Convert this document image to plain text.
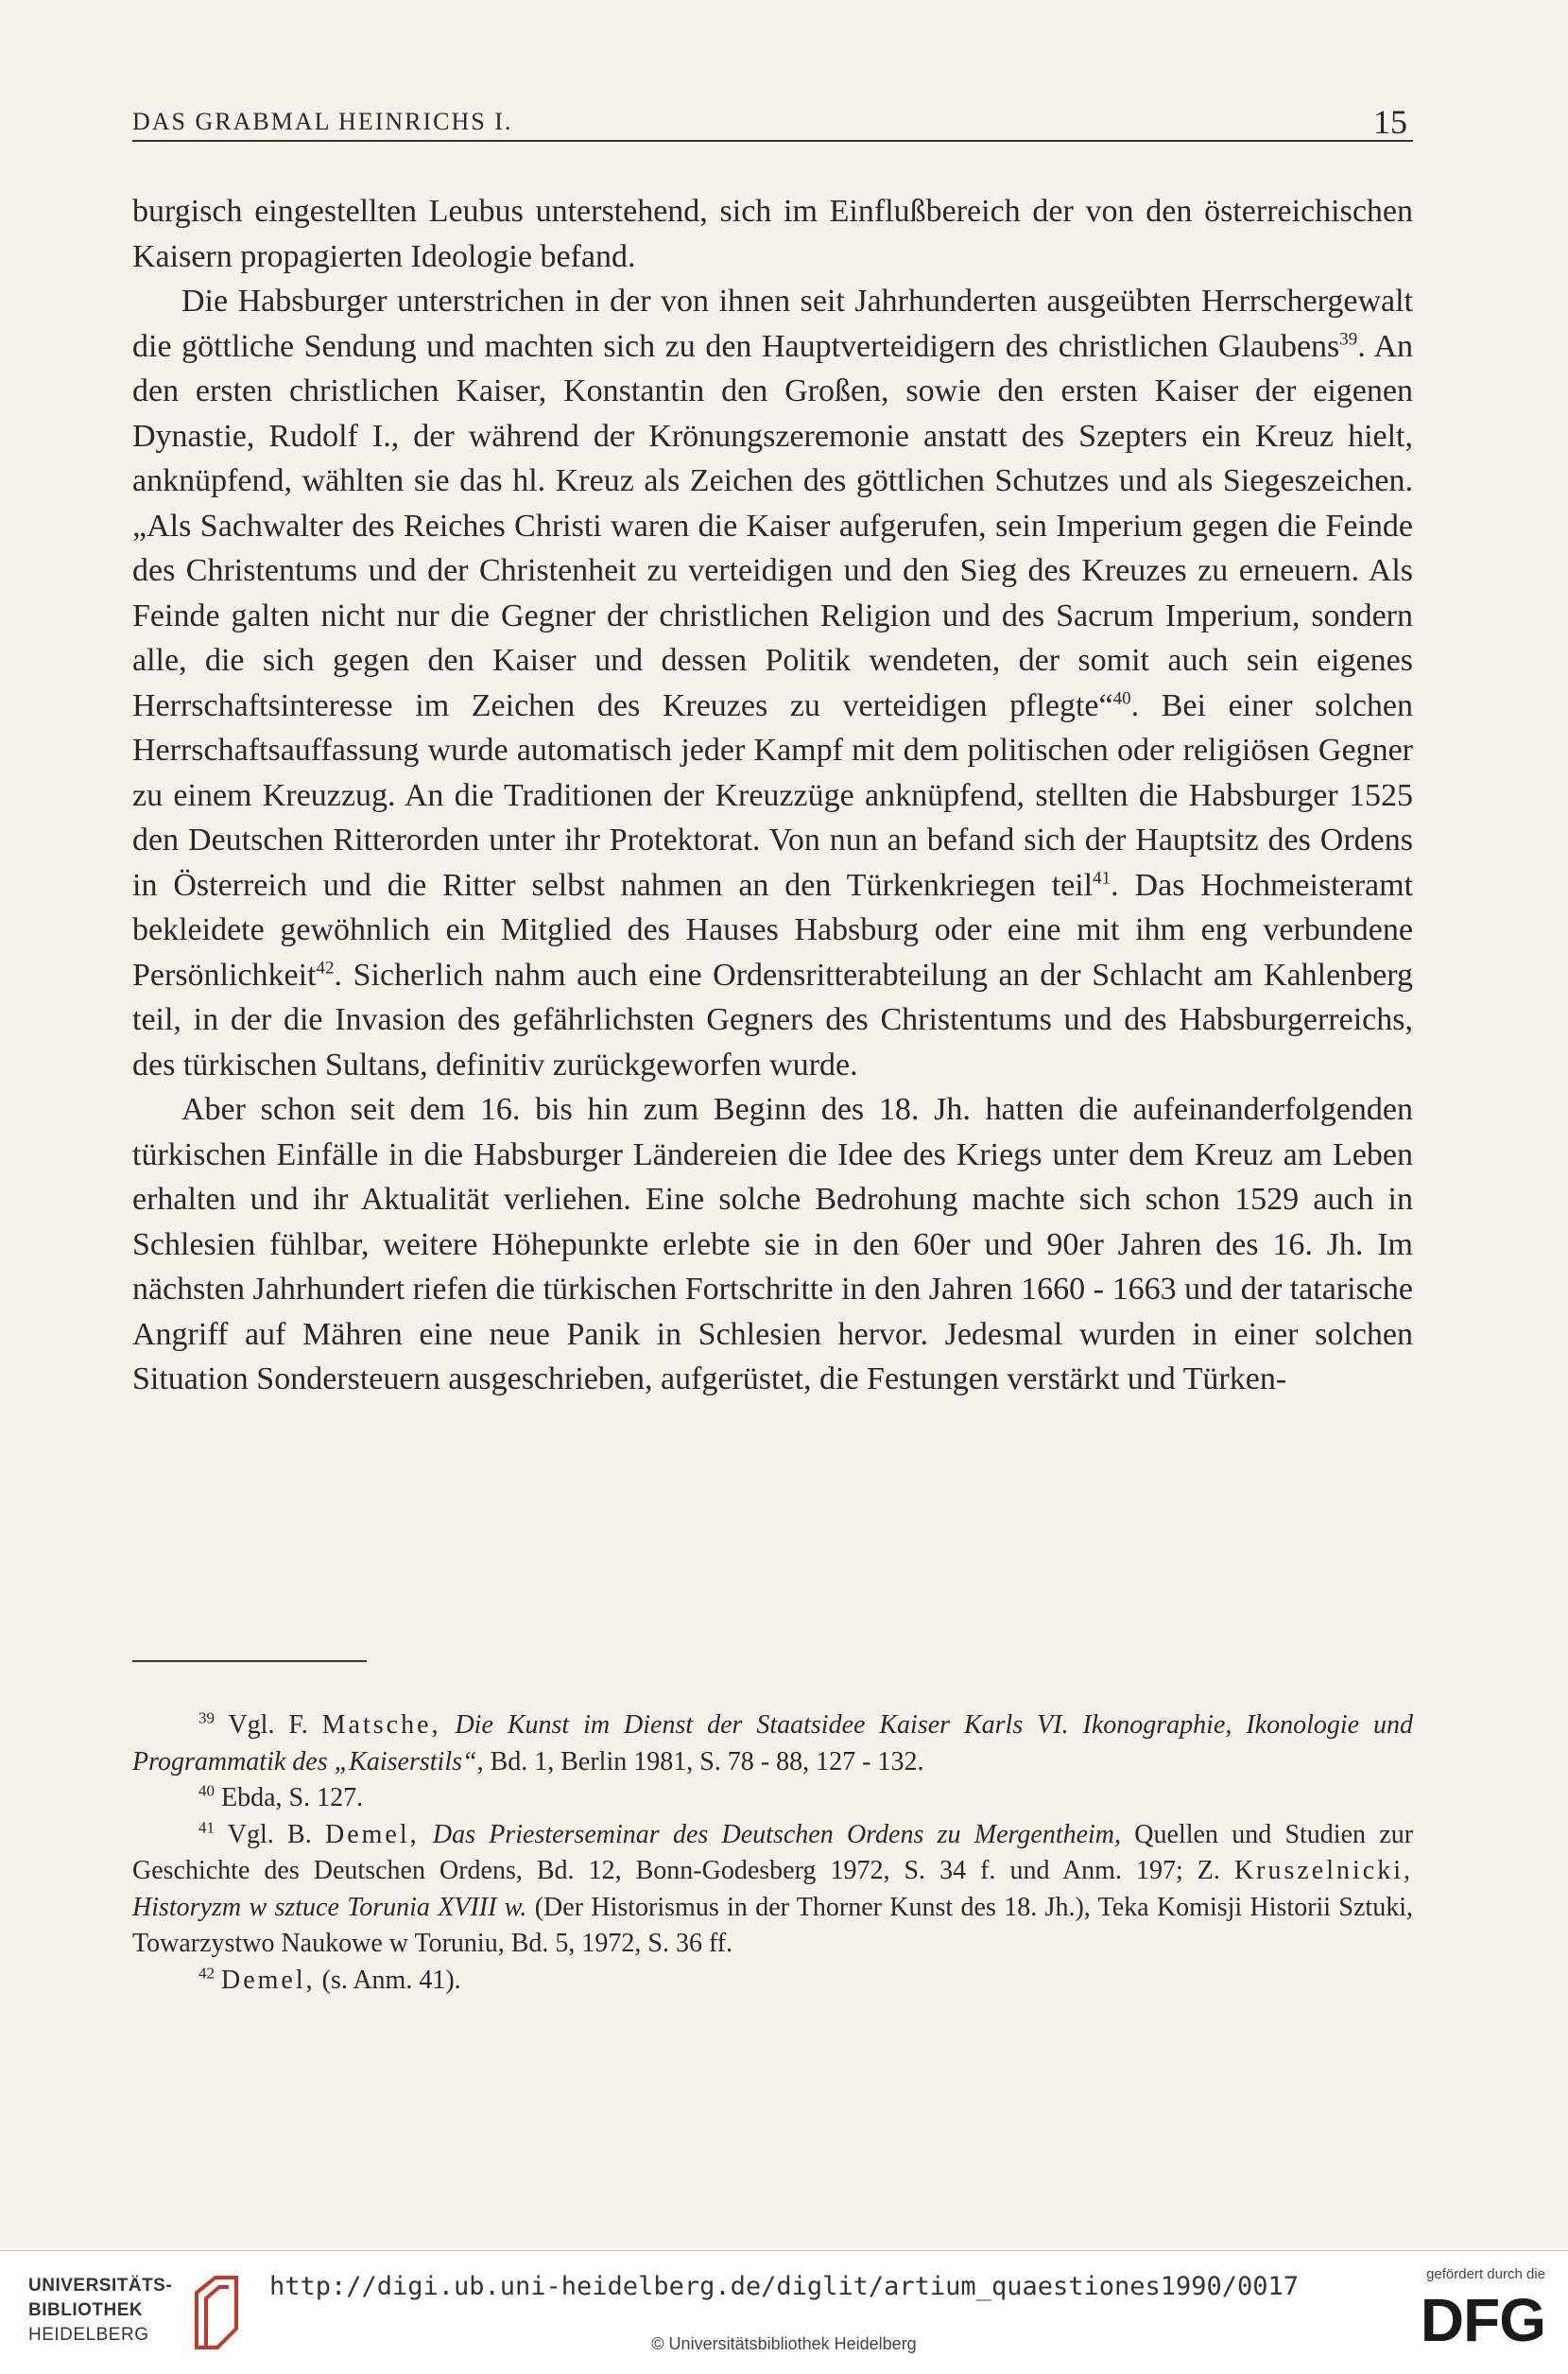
DAS GRABMAL HEINRICHS I.	15

burgisch eingestellten Leubus unterstehend, sich im Einflußbereich der von den österreichischen Kaisern propagierten Ideologie befand.

Die Habsburger unterstrichen in der von ihnen seit Jahrhunderten ausgeübten Herrschergewalt die göttliche Sendung und machten sich zu den Hauptverteidigern des christlichen Glaubens$^{39}$. An den ersten christlichen Kaiser, Konstantin den Großen, sowie den ersten Kaiser der eigenen Dynastie, Rudolf I., der während der Krönungszeremonie anstatt des Szepters ein Kreuz hielt, anknüpfend, wählten sie das hl. Kreuz als Zeichen des göttlichen Schutzes und als Siegeszeichen. „Als Sachwalter des Reiches Christi waren die Kaiser aufgerufen, sein Imperium gegen die Feinde des Christentums und der Christenheit zu verteidigen und den Sieg des Kreuzes zu erneuern. Als Feinde galten nicht nur die Gegner der christlichen Religion und des Sacrum Imperium, sondern alle, die sich gegen den Kaiser und dessen Politik wendeten, der somit auch sein eigenes Herrschaftsinteresse im Zeichen des Kreuzes zu verteidigen pflegte“$^{40}$. Bei einer solchen Herrschaftsauffassung wurde automatisch jeder Kampf mit dem politischen oder religiösen Gegner zu einem Kreuzzug. An die Traditionen der Kreuzzüge anknüpfend, stellten die Habsburger 1525 den Deutschen Ritterorden unter ihr Protektorat. Von nun an befand sich der Hauptsitz des Ordens in Österreich und die Ritter selbst nahmen an den Türkenkriegen teil$^{41}$. Das Hochmeisteramt bekleidete gewöhnlich ein Mitglied des Hauses Habsburg oder eine mit ihm eng verbundene Persönlichkeit$^{42}$. Sicherlich nahm auch eine Ordensritterabteilung an der Schlacht am Kahlenberg teil, in der die Invasion des gefährlichsten Gegners des Christentums und des Habsburgerreichs, des türkischen Sultans, definitiv zurückgeworfen wurde.

Aber schon seit dem 16. bis hin zum Beginn des 18. Jh. hatten die aufeinanderfolgenden türkischen Einfälle in die Habsburger Ländereien die Idee des Kriegs unter dem Kreuz am Leben erhalten und ihr Aktualität verliehen. Eine solche Bedrohung machte sich schon 1529 auch in Schlesien fühlbar, weitere Höhepunkte erlebte sie in den 60er und 90er Jahren des 16. Jh. Im nächsten Jahrhundert riefen die türkischen Fortschritte in den Jahren 1660 - 1663 und der tatarische Angriff auf Mähren eine neue Panik in Schlesien hervor. Jedesmal wurden in einer solchen Situation Sondersteuern ausgeschrieben, aufgerüstet, die Festungen verstärkt und Türken-

$^{39}$ Vgl. F. Matsche, Die Kunst im Dienst der Staatsidee Kaiser Karls VI. Ikonographie, Ikonologie und Programmatik des „Kaiserstils“, Bd. 1, Berlin 1981, S. 78 - 88, 127 - 132.

$^{40}$ Ebda, S. 127.

$^{41}$ Vgl. B. Demel, Das Priesterseminar des Deutschen Ordens zu Mergentheim, Quellen und Studien zur Geschichte des Deutschen Ordens, Bd. 12, Bonn-Godesberg 1972, S. 34 f. und Anm. 197; Z. Kruszelnicki, Historyzm w sztuce Torunia XVIII w. (Der Historismus in der Thorner Kunst des 18. Jh.), Teka Komisji Historii Sztuki, Towarzystwo Naukowe w Toruniu, Bd. 5, 1972, S. 36 ff.

$^{42}$ Demel, (s. Anm. 41).

UNIVERSITÄTS-
BIBLIOTHEK
HEIDELBERG
http://digi.ub.uni-heidelberg.de/diglit/artium_quaestiones1990/0017
© Universitätsbibliothek Heidelberg
gefördert durch die
DFG
